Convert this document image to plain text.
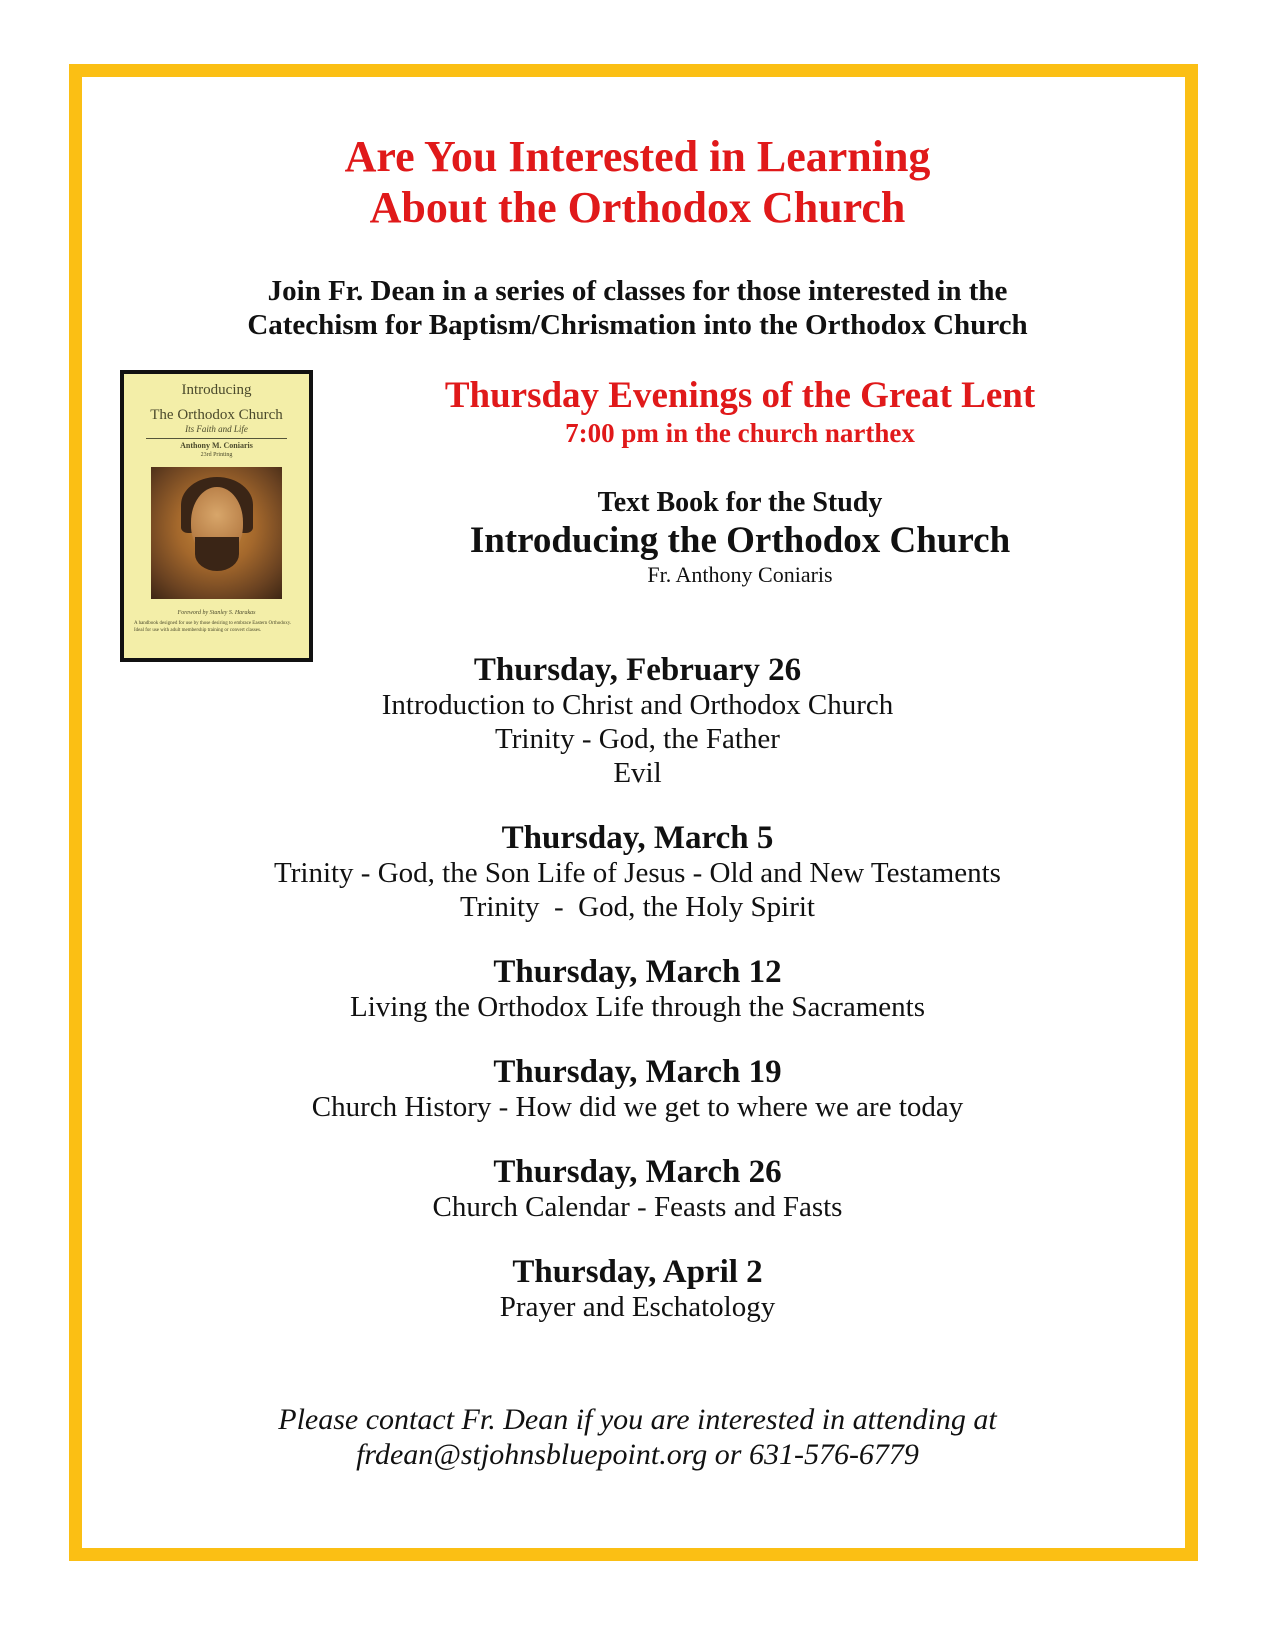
Are You Interested in Learning
About the Orthodox Church
Join Fr. Dean in a series of classes for those interested in the
Catechism for Baptism/Chrismation into the Orthodox Church
Introducing
The Orthodox Church
Its Faith and Life
Anthony M. Coniaris
23rd Printing
Foreword by Stanley S. Harakas
A handbook designed for use by those desiring to embrace Eastern Orthodoxy. Ideal for use with adult membership training or convert classes.
Thursday Evenings of the Great Lent
7:00 pm in the church narthex
Text Book for the Study
Introducing the Orthodox Church
Fr. Anthony Coniaris
Thursday, February 26
Introduction to Christ and Orthodox Church
Trinity - God, the Father
Evil
Thursday, March 5
Trinity - God, the Son Life of Jesus - Old and New Testaments
Trinity  -  God, the Holy Spirit
Thursday, March 12
Living the Orthodox Life through the Sacraments
Thursday, March 19
Church History - How did we get to where we are today
Thursday, March 26
Church Calendar - Feasts and Fasts
Thursday, April 2
Prayer and Eschatology
Please contact Fr. Dean if you are interested in attending at
frdean@stjohnsbluepoint.org or 631-576-6779
